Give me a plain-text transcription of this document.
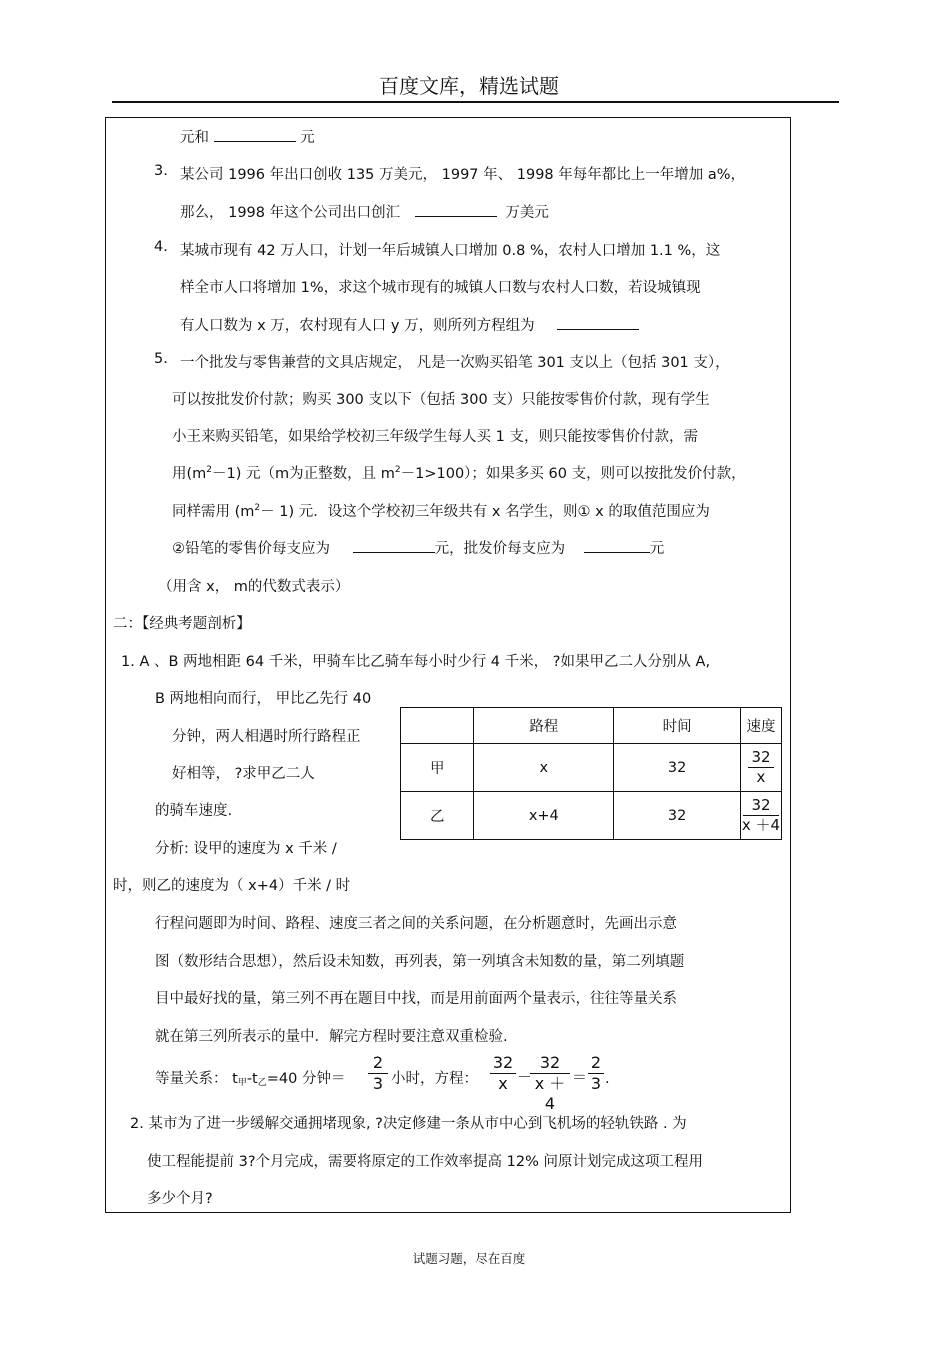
百度文库，精选试题
元和	元
3. 某公司 1996 年出口创收 135 万美元， 1997 年、 1998 年每年都比上一年增加 a%，
那么， 1998 年这个公司出口创汇	万美元
4. 某城市现有 42 万人口，计划一年后城镇人口增加 0.8 %，农村人口增加 1.1 %，这
样全市人口将增加 1%，求这个城市现有的城镇人口数与农村人口数，若设城镇现
有人口数为 x 万，农村现有人口 y 万，则所列方程组为
5. 一个批发与零售兼营的文具店规定， 凡是一次购买铅笔 301 支以上（包括 301 支），
可以按批发价付款；购买 300 支以下（包括 300 支）只能按零售价付款，现有学生
小王来购买铅笔，如果给学校初三年级学生每人买 1 支，则只能按零售价付款，需
用$(m^2-1)$ 元（m为正整数，且 $m^2-1>100$）；如果多买 60 支，则可以按批发价付款，
同样需用 $(m^2- 1)$ 元．设这个学校初三年级共有 x 名学生，则① x 的取值范围应为
②铅笔的零售价每支应为	元，批发价每支应为	元
（用含 x， m的代数式表示）
二：【经典考题剖析】
1. A 、B 两地相距 64 千米，甲骑车比乙骑车每小时少行 4 千米， ?如果甲乙二人分别从 A,
B 两地相向而行， 甲比乙先行 40
分钟，两人相遇时所行路程正
好相等， ?求甲乙二人
的骑车速度.
分析: 设甲的速度为 x 千米 /
时，则乙的速度为（ x+4）千米 / 时
	路程	时间	速度
甲	x	32	$\frac{32}{x}$

乙	x+4	32	$\frac{32}{x +4}$
行程问题即为时间、路程、速度三者之间的关系问题，在分析题意时，先画出示意
图（数形结合思想），然后设未知数，再列表，第一列填含未知数的量，第二列填题
目中最好找的量，第三列不再在题目中找，而是用前面两个量表示，往往等量关系
就在第三列所表示的量中．解完方程时要注意双重检验.
等量关系： $t_甲-t_乙=40$ 分钟＝
2
3 小时，方程：
32
x －
32
x ＋4
＝
2
3 .
2. 某市为了进一步缓解交通拥堵现象, ?决定修建一条从市中心到飞机场的轻轨铁路 . 为
使工程能提前 3?个月完成，需要将原定的工作效率提高 12% 问原计划完成这项工程用
多少个月?
试题习题，尽在百度
